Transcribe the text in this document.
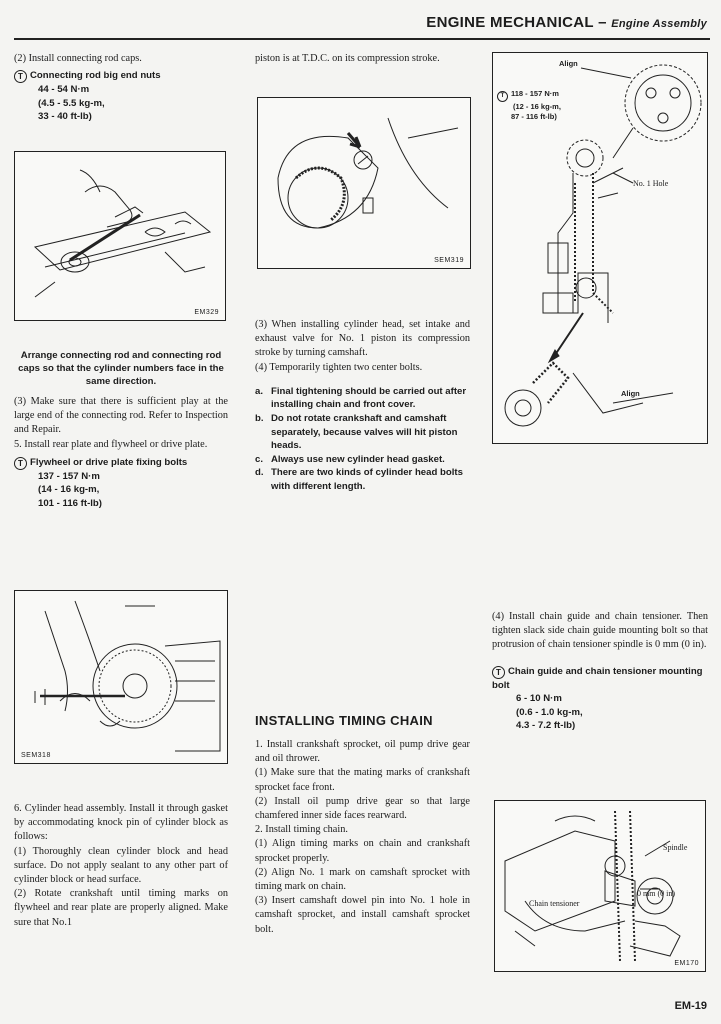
ENGINE MECHANICAL – Engine Assembly

(2) Install connecting rod caps.

T Connecting rod big end nuts
44 - 54 N·m
(4.5 - 5.5 kg-m,
33 - 40 ft-lb)
EM329

Arrange connecting rod and connecting rod caps so that the cylinder numbers face in the same direction.

(3) Make sure that there is sufficient play at the large end of the connecting rod. Refer to Inspection and Repair.

5. Install rear plate and flywheel or drive plate.

T Flywheel or drive plate fixing bolts
137 - 157 N·m
(14 - 16 kg-m,
101 - 116 ft-lb)
SEM318

6. Cylinder head assembly. Install it through gasket by accommodating knock pin of cylinder block as follows:

(1) Thoroughly clean cylinder block and head surface. Do not apply sealant to any other part of cylinder block or head surface.

(2) Rotate crankshaft until timing marks on flywheel and rear plate are properly aligned. Make sure that No.1

piston is at T.D.C. on its compression stroke.

SEM319

(3) When installing cylinder head, set intake and exhaust valve for No. 1 piston its compression stroke by turning camshaft.

(4) Temporarily tighten two center bolts.

a. Final tightening should be carried out after installing chain and front cover.
b. Do not rotate crankshaft and camshaft separately, because valves will hit piston heads.
c. Always use new cylinder head gasket.
d. There are two kinds of cylinder head bolts with different length.
INSTALLING TIMING CHAIN

1. Install crankshaft sprocket, oil pump drive gear and oil thrower.

(1) Make sure that the mating marks of crankshaft sprocket face front.

(2) Install oil pump drive gear so that large chamfered inner side faces rearward.

2. Install timing chain.

(1) Align timing marks on chain and crankshaft sprocket properly.

(2) Align No. 1 mark on camshaft sprocket with timing mark on chain.

(3) Insert camshaft dowel pin into No. 1 hole in camshaft sprocket, and install camshaft sprocket bolt.

Align
T 118 - 157 N·m
(12 - 16 kg-m,
87 - 116 ft-lb)
No. 1 Hole
Align

(4) Install chain guide and chain tensioner. Then tighten slack side chain guide mounting bolt so that protrusion of chain tensioner spindle is 0 mm (0 in).

T Chain guide and chain tensioner mounting bolt
6 - 10 N·m
(0.6 - 1.0 kg-m,
4.3 - 7.2 ft-lb)
Spindle
0 mm (0 in)
Chain tensioner
EM170
EM-19
